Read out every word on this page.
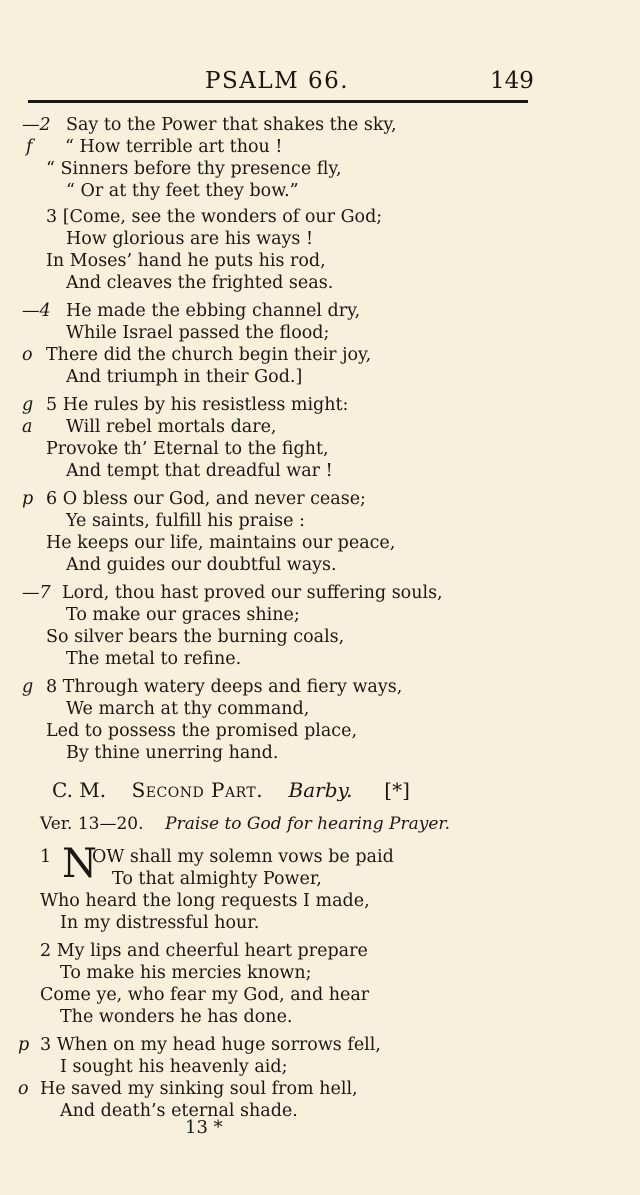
PSALM 66.	149
—2 Say to the Power that shakes the sky,
f “ How terrible art thou !
“ Sinners before thy presence fly,
“ Or at thy feet they bow.”
3 [Come, see the wonders of our God;
How glorious are his ways !
In Moses’ hand he puts his rod,
And cleaves the frighted seas.
—4 He made the ebbing channel dry,
While Israel passed the flood;
o There did the church begin their joy,
And triumph in their God.]
g 5 He rules by his resistless might:
a Will rebel mortals dare,
Provoke th’ Eternal to the fight,
And tempt that dreadful war !
p 6 O bless our God, and never cease;
Ye saints, fulfill his praise :
He keeps our life, maintains our peace,
And guides our doubtful ways.
—7 Lord, thou hast proved our suffering souls,
To make our graces shine;
So silver bears the burning coals,
The metal to refine.
g 8 Through watery deeps and fiery ways,
We march at thy command,
Led to possess the promised place,
By thine unerring hand.
C. M. Second Part. Barby. [*]
Ver. 13—20. Praise to God for hearing Prayer.
1 N
OW shall my solemn vows be paid
To that almighty Power,
Who heard the long requests I made,
In my distressful hour.
2 My lips and cheerful heart prepare
To make his mercies known;
Come ye, who fear my God, and hear
The wonders he has done.
p 3 When on my head huge sorrows fell,
I sought his heavenly aid;
o He saved my sinking soul from hell,
And death’s eternal shade.
13 *
